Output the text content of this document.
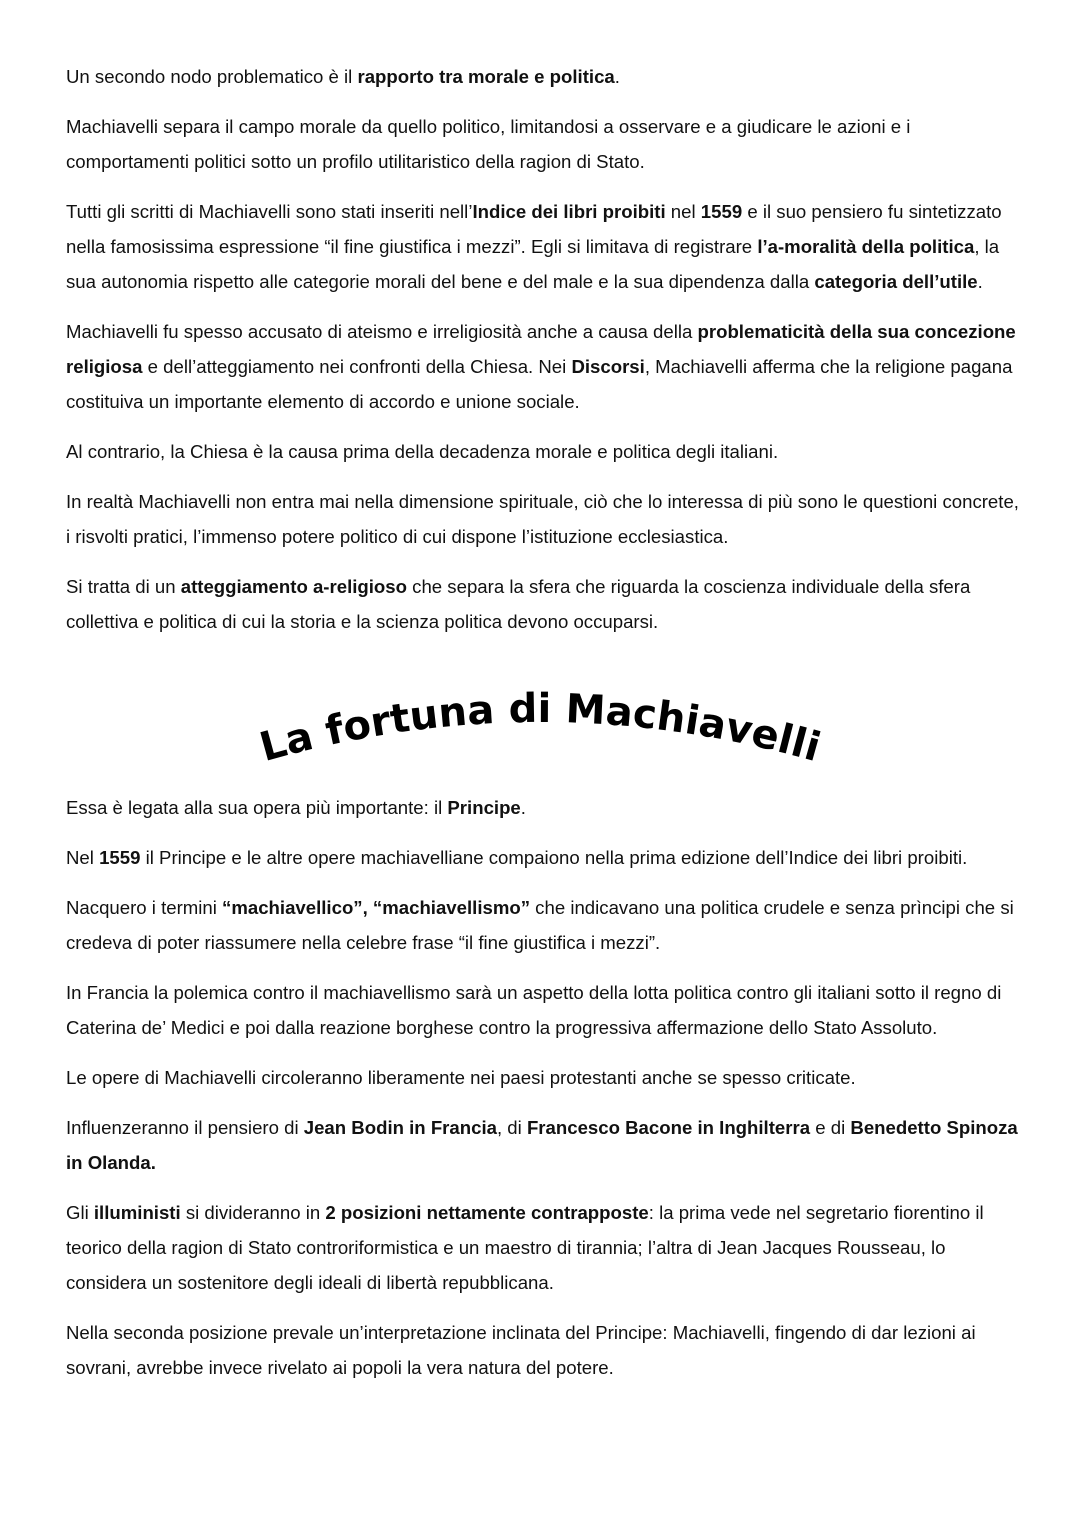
Un secondo nodo problematico è il rapporto tra morale e politica.

Machiavelli separa il campo morale da quello politico, limitandosi a osservare e a giudicare le azioni e i comportamenti politici sotto un profilo utilitaristico della ragion di Stato.

Tutti gli scritti di Machiavelli sono stati inseriti nell’Indice dei libri proibiti nel 1559 e il suo pensiero fu sintetizzato nella famosissima espressione “il fine giustifica i mezzi”. Egli si limitava di registrare l’a-moralità della politica, la sua autonomia rispetto alle categorie morali del bene e del male e la sua dipendenza dalla categoria dell’utile.

Machiavelli fu spesso accusato di ateismo e irreligiosità anche a causa della problematicità della sua concezione religiosa e dell’atteggiamento nei confronti della Chiesa. Nei Discorsi, Machiavelli afferma che la religione pagana costituiva un importante elemento di accordo e unione sociale.

Al contrario, la Chiesa è la causa prima della decadenza morale e politica degli italiani.

In realtà Machiavelli non entra mai nella dimensione spirituale, ciò che lo interessa di più sono le questioni concrete, i risvolti pratici, l’immenso potere politico di cui dispone l’istituzione ecclesiastica.

Si tratta di un atteggiamento a-religioso che separa la sfera che riguarda la coscienza individuale della sfera collettiva e politica di cui la storia e la scienza politica devono occuparsi.

La fortuna di Machiavelli

Essa è legata alla sua opera più importante: il Principe.

Nel 1559 il Principe e le altre opere machiavelliane compaiono nella prima edizione dell’Indice dei libri proibiti.

Nacquero i termini “machiavellico”, “machiavellismo” che indicavano una politica crudele e senza prìncipi che si credeva di poter riassumere nella celebre frase “il fine giustifica i mezzi”.

In Francia la polemica contro il machiavellismo sarà un aspetto della lotta politica contro gli italiani sotto il regno di Caterina de’ Medici e poi dalla reazione borghese contro la progressiva affermazione dello Stato Assoluto.

Le opere di Machiavelli circoleranno liberamente nei paesi protestanti anche se spesso criticate.

Influenzeranno il pensiero di Jean Bodin in Francia, di Francesco Bacone in Inghilterra e di Benedetto Spinoza in Olanda.

Gli illuministi si divideranno in 2 posizioni nettamente contrapposte: la prima vede nel segretario fiorentino il teorico della ragion di Stato controriformistica e un maestro di tirannia; l’altra di Jean Jacques Rousseau, lo considera un sostenitore degli ideali di libertà repubblicana.

Nella seconda posizione prevale un’interpretazione inclinata del Principe: Machiavelli, fingendo di dar lezioni ai sovrani, avrebbe invece rivelato ai popoli la vera natura del potere.
